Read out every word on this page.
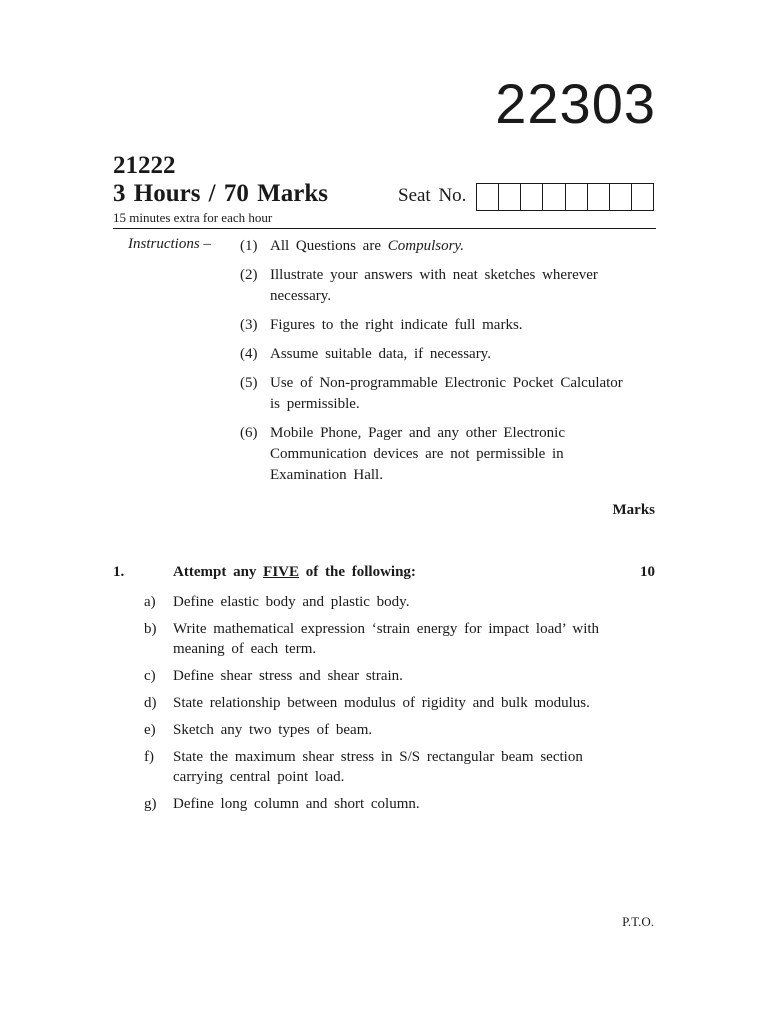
22303
21222
3 Hours / 70 Marks
15 minutes extra for each hour
Seat No.
Instructions – (1) All Questions are Compulsory.
(2) Illustrate your answers with neat sketches wherever necessary.
(3) Figures to the right indicate full marks.
(4) Assume suitable data, if necessary.
(5) Use of Non-programmable Electronic Pocket Calculator is permissible.
(6) Mobile Phone, Pager and any other Electronic Communication devices are not permissible in Examination Hall.
Marks
1.	Attempt any FIVE of the following:	10
a)	Define elastic body and plastic body.
b)	Write mathematical expression ‘strain energy for impact load’ with meaning of each term.
c)	Define shear stress and shear strain.
d)	State relationship between modulus of rigidity and bulk modulus.
e)	Sketch any two types of beam.
f)	State the maximum shear stress in S/S rectangular beam section carrying central point load.
g)	Define long column and short column.
P.T.O.
